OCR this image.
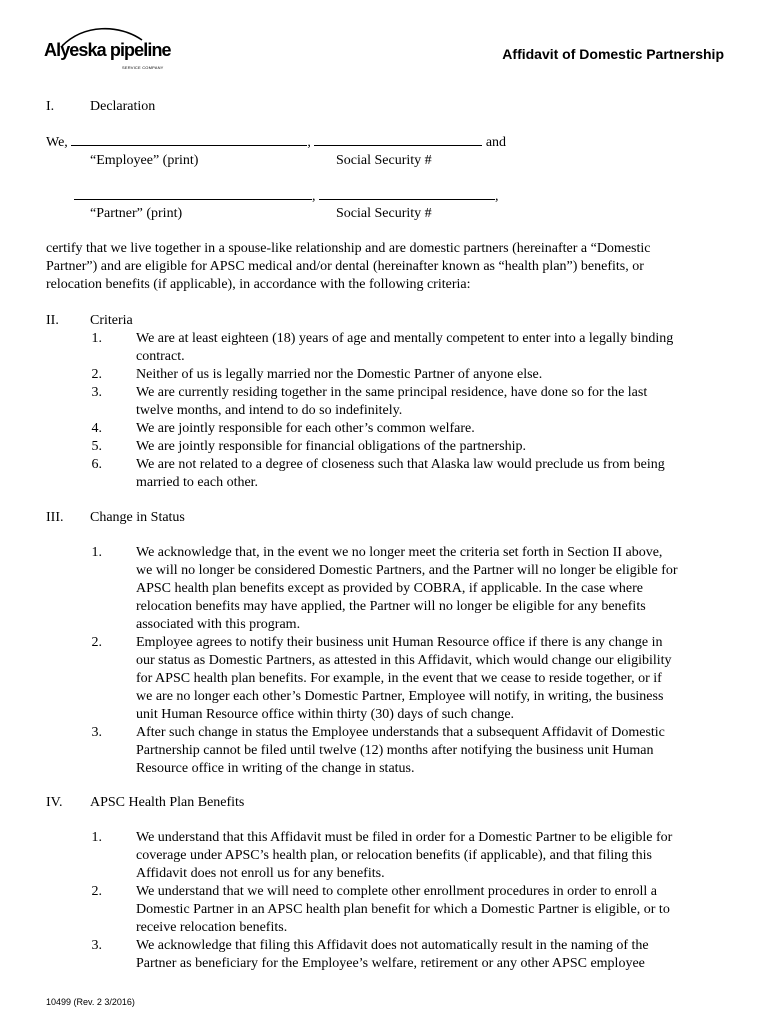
Alyeska pipeline
SERVICE COMPANY
Affidavit of Domestic Partnership
I.	Declaration
We,	,	and
“Employee” (print)	Social Security #
,	,
“Partner” (print)	Social Security #
certify that we live together in a spouse-like relationship and are domestic partners (hereinafter a “Domestic
Partner”) and are eligible for APSC medical and/or dental (hereinafter known as “health plan”) benefits, or
relocation benefits (if applicable), in accordance with the following criteria:
II. Criteria
1. We are at least eighteen (18) years of age and mentally competent to enter into a legally binding
contract.
2. Neither of us is legally married nor the Domestic Partner of anyone else.
3. We are currently residing together in the same principal residence, have done so for the last
twelve months, and intend to do so indefinitely.
4. We are jointly responsible for each other’s common welfare.
5. We are jointly responsible for financial obligations of the partnership.
6. We are not related to a degree of closeness such that Alaska law would preclude us from being
married to each other.
III. Change in Status
1. We acknowledge that, in the event we no longer meet the criteria set forth in Section II above,
we will no longer be considered Domestic Partners, and the Partner will no longer be eligible for
APSC health plan benefits except as provided by COBRA, if applicable. In the case where
relocation benefits may have applied, the Partner will no longer be eligible for any benefits
associated with this program.
2. Employee agrees to notify their business unit Human Resource office if there is any change in
our status as Domestic Partners, as attested in this Affidavit, which would change our eligibility
for APSC health plan benefits. For example, in the event that we cease to reside together, or if
we are no longer each other’s Domestic Partner, Employee will notify, in writing, the business
unit Human Resource office within thirty (30) days of such change.
3. After such change in status the Employee understands that a subsequent Affidavit of Domestic
Partnership cannot be filed until twelve (12) months after notifying the business unit Human
Resource office in writing of the change in status.
IV. APSC Health Plan Benefits
1. We understand that this Affidavit must be filed in order for a Domestic Partner to be eligible for
coverage under APSC’s health plan, or relocation benefits (if applicable), and that filing this
Affidavit does not enroll us for any benefits.
2. We understand that we will need to complete other enrollment procedures in order to enroll a
Domestic Partner in an APSC health plan benefit for which a Domestic Partner is eligible, or to
receive relocation benefits.
3. We acknowledge that filing this Affidavit does not automatically result in the naming of the
Partner as beneficiary for the Employee’s welfare, retirement or any other APSC employee
10499 (Rev. 2 3/2016)
